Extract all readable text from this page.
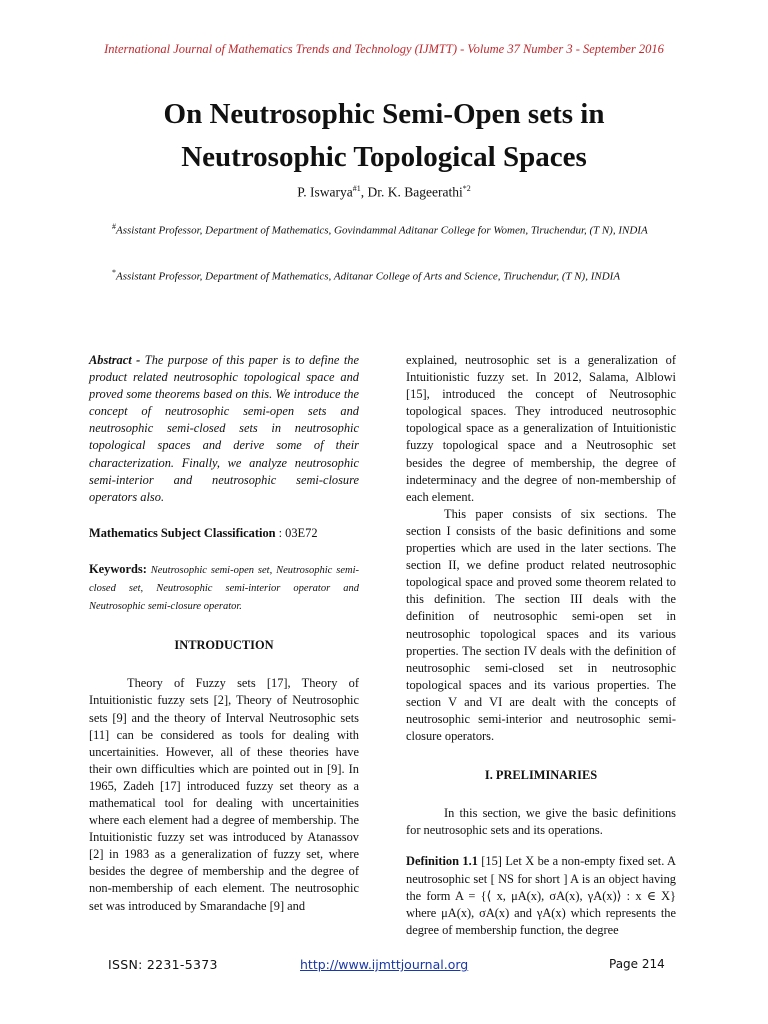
International Journal of Mathematics Trends and Technology (IJMTT) - Volume 37 Number 3 - September 2016
On Neutrosophic Semi-Open sets in
Neutrosophic Topological Spaces
P. Iswarya$^{\#1}$, Dr. K. Bageerathi$^{*2}$
#Assistant Professor, Department of Mathematics, Govindammal Aditanar College for Women, Tiruchendur, (T N), INDIA
*Assistant Professor, Department of Mathematics, Aditanar College of Arts and Science, Tiruchendur, (T N), INDIA

Abstract - The purpose of this paper is to define the product related neutrosophic topological space and proved some theorems based on this. We introduce the concept of neutrosophic semi-open sets and neutrosophic semi-closed sets in neutrosophic topological spaces and derive some of their characterization. Finally, we analyze neutrosophic semi-interior and neutrosophic semi-closure operators also.

Mathematics Subject Classification : 03E72

Keywords: Neutrosophic semi-open set, Neutrosophic semi-closed set, Neutrosophic semi-interior operator and Neutrosophic semi-closure operator.

INTRODUCTION

Theory of Fuzzy sets [17], Theory of Intuitionistic fuzzy sets [2], Theory of Neutrosophic sets [9] and the theory of Interval Neutrosophic sets [11] can be considered as tools for dealing with uncertainities. However, all of these theories have their own difficulties which are pointed out in [9]. In 1965, Zadeh [17] introduced fuzzy set theory as a mathematical tool for dealing with uncertainities where each element had a degree of membership. The Intuitionistic fuzzy set was introduced by Atanassov [2] in 1983 as a generalization of fuzzy set, where besides the degree of membership and the degree of non-membership of each element. The neutrosophic set was introduced by Smarandache [9] and

explained, neutrosophic set is a generalization of Intuitionistic fuzzy set. In 2012, Salama, Alblowi [15], introduced the concept of Neutrosophic topological spaces. They introduced neutrosophic topological space as a generalization of Intuitionistic fuzzy topological space and a Neutrosophic set besides the degree of membership, the degree of indeterminacy and the degree of non-membership of each element.

This paper consists of six sections. The section I consists of the basic definitions and some properties which are used in the later sections. The section II, we define product related neutrosophic topological space and proved some theorem related to this definition. The section III deals with the definition of neutrosophic semi-open set in neutrosophic topological spaces and its various properties. The section IV deals with the definition of neutrosophic semi-closed set in neutrosophic topological spaces and its various properties. The section V and VI are dealt with the concepts of neutrosophic semi-interior and neutrosophic semi-closure operators.

I. PRELIMINARIES

In this section, we give the basic definitions for neutrosophic sets and its operations.

Definition 1.1 [15] Let X be a non-empty fixed set. A neutrosophic set [ NS for short ] A is an object having the form A = {⟨ x, μA(x), σA(x), γA(x)⟩ : x ∈ X} where μA(x), σA(x) and γA(x) which represents the degree of membership function, the degree

ISSN: 2231-5373	http://www.ijmttjournal.org	Page 214
